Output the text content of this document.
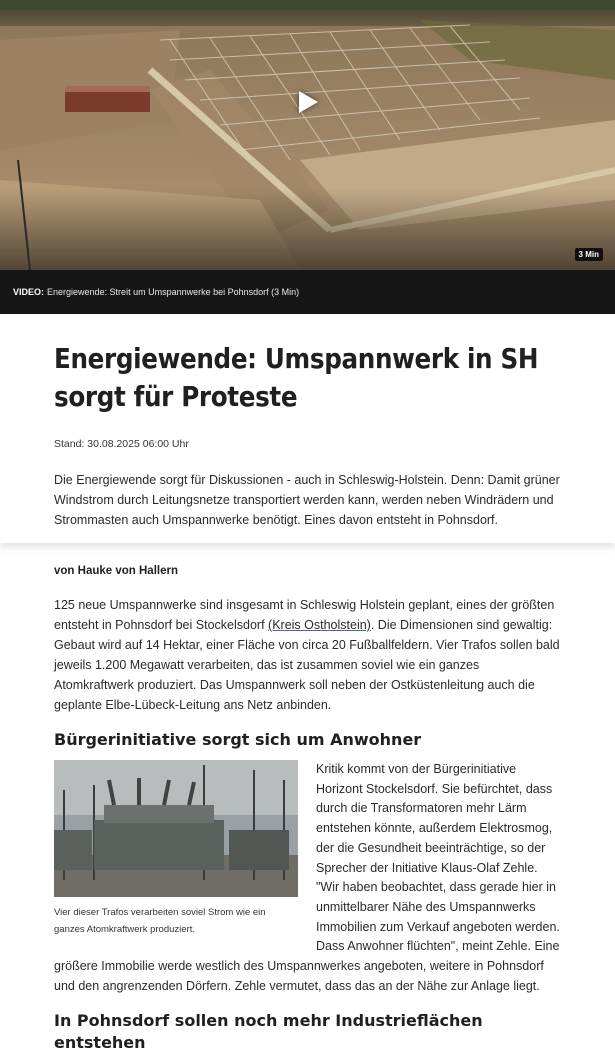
3 Min
VIDEO: Energiewende: Streit um Umspannwerke bei Pohnsdorf (3 Min)
Energiewende: Umspannwerk in SH sorgt für Proteste
Stand: 30.08.2025 06:00 Uhr
Die Energiewende sorgt für Diskussionen - auch in Schleswig-Holstein. Denn: Damit grüner Windstrom durch Leitungsnetze transportiert werden kann, werden neben Windrädern und Strommasten auch Umspannwerke benötigt. Eines davon entsteht in Pohnsdorf.
von Hauke von Hallern

125 neue Umspannwerke sind insgesamt in Schleswig Holstein geplant, eines der größten entsteht in Pohnsdorf bei Stockelsdorf (Kreis Ostholstein). Die Dimensionen sind gewaltig: Gebaut wird auf 14 Hektar, einer Fläche von circa 20 Fußballfeldern. Vier Trafos sollen bald jeweils 1.200 Megawatt verarbeiten, das ist zusammen soviel wie ein ganzes Atomkraftwerk produziert. Das Umspannwerk soll neben der Ostküstenleitung auch die geplante Elbe-Lübeck-Leitung ans Netz anbinden.

Bürgerinitiative sorgt sich um Anwohner
Vier dieser Trafos verarbeiten soviel Strom wie ein ganzes Atomkraftwerk produziert.

Kritik kommt von der Bürgerinitiative Horizont Stockelsdorf. Sie befürchtet, dass durch die Transformatoren mehr Lärm entstehen könnte, außerdem Elektrosmog, der die Gesundheit beeinträchtige, so der Sprecher der Initiative Klaus-Olaf Zehle. "Wir haben beobachtet, dass gerade hier in unmittelbarer Nähe des Umspannwerks Immobilien zum Verkauf angeboten werden. Dass Anwohner flüchten", meint Zehle. Eine größere Immobilie werde westlich des Umspannwerkes angeboten, weitere in Pohnsdorf und den angrenzenden Dörfern. Zehle vermutet, dass das an der Nähe zur Anlage liegt.

In Pohnsdorf sollen noch mehr Industrieflächen entstehen
